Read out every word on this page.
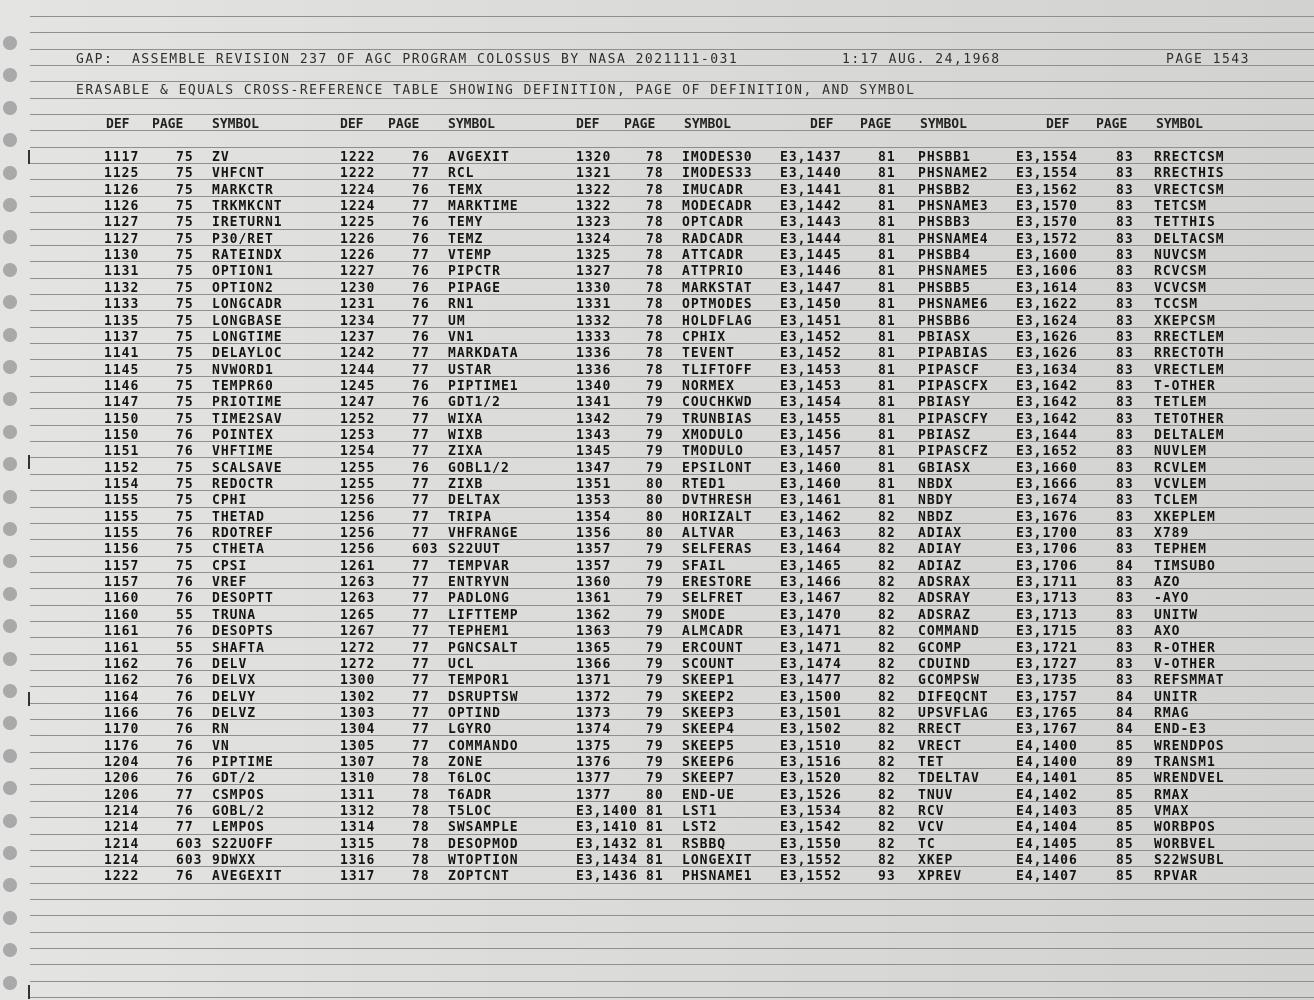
GAP:  ASSEMBLE REVISION 237 OF AGC PROGRAM COLOSSUS BY NASA 2021111-031	1:17 AUG. 24,1968	PAGE 1543
ERASABLE & EQUALS CROSS-REFERENCE TABLE SHOWING DEFINITION, PAGE OF DEFINITION, AND SYMBOL
DEF PAGE SYMBOL	DEF PAGE SYMBOL	DEF PAGE SYMBOL	DEF PAGE SYMBOL	DEF PAGE SYMBOL
1117	75 ZV	1222	76 AVGEXIT	1320	78 IMODES30 E3,1437	81 PHSBB1	E3,1554	83 RRECTCSM
1125	75 VHFCNT	1222	77 RCL	1321	78 IMODES33 E3,1440	81 PHSNAME2 E3,1554	83 RRECTHIS
1126	75 MARKCTR	1224	76 TEMX	1322	78 IMUCADR	E3,1441	81 PHSBB2	E3,1562	83 VRECTCSM
1126	75 TRKMKCNT	1224	77 MARKTIME	1322	78 MODECADR E3,1442	81 PHSNAME3 E3,1570	83 TETCSM
1127	75 IRETURN1	1225	76 TEMY	1323	78 OPTCADR	E3,1443	81 PHSBB3	E3,1570	83 TETTHIS
1127	75 P30/RET	1226	76 TEMZ	1324	78 RADCADR	E3,1444	81 PHSNAME4 E3,1572	83 DELTACSM
1130	75 RATEINDX	1226	77 VTEMP	1325	78 ATTCADR	E3,1445	81 PHSBB4	E3,1600	83 NUVCSM
1131	75 OPTION1	1227	76 PIPCTR	1327	78 ATTPRIO	E3,1446	81 PHSNAME5 E3,1606	83 RCVCSM
1132	75 OPTION2	1230	76 PIPAGE	1330	78 MARKSTAT E3,1447	81 PHSBB5	E3,1614	83 VCVCSM
1133	75 LONGCADR	1231	76 RN1	1331	78 OPTMODES E3,1450	81 PHSNAME6 E3,1622	83 TCCSM
1135	75 LONGBASE	1234	77 UM	1332	78 HOLDFLAG E3,1451	81 PHSBB6	E3,1624	83 XKEPCSM
1137	75 LONGTIME	1237	76 VN1	1333	78 CPHIX	E3,1452	81 PBIASX	E3,1626	83 RRECTLEM
1141	75 DELAYLOC	1242	77 MARKDATA	1336	78 TEVENT	E3,1452	81 PIPABIAS E3,1626	83 RRECTOTH
1145	75 NVWORD1	1244	77 USTAR	1336	78 TLIFTOFF E3,1453	81 PIPASCF	E3,1634	83 VRECTLEM
1146	75 TEMPR60	1245	76 PIPTIME1	1340	79 NORMEX	E3,1453	81 PIPASCFX E3,1642	83 T-OTHER
1147	75 PRIOTIME	1247	76 GDT1/2	1341	79 COUCHKWD E3,1454	81 PBIASY	E3,1642	83 TETLEM
1150	75 TIME2SAV	1252	77 WIXA	1342	79 TRUNBIAS E3,1455	81 PIPASCFY E3,1642	83 TETOTHER
1150	76 POINTEX	1253	77 WIXB	1343	79 XMODULO	E3,1456	81 PBIASZ	E3,1644	83 DELTALEM
1151	76 VHFTIME	1254	77 ZIXA	1345	79 TMODULO	E3,1457	81 PIPASCFZ E3,1652	83 NUVLEM
1152	75 SCALSAVE	1255	76 GOBL1/2	1347	79 EPSILONT E3,1460	81 GBIASX	E3,1660	83 RCVLEM
1154	75 REDOCTR	1255	77 ZIXB	1351	80 RTED1	E3,1460	81 NBDX	E3,1666	83 VCVLEM
1155	75 CPHI	1256	77 DELTAX	1353	80 DVTHRESH E3,1461	81 NBDY	E3,1674	83 TCLEM
1155	75 THETAD	1256	77 TRIPA	1354	80 HORIZALT E3,1462	82 NBDZ	E3,1676	83 XKEPLEM
1155	76 RDOTREF	1256	77 VHFRANGE	1356	80 ALTVAR	E3,1463	82 ADIAX	E3,1700	83 X789
1156	75 CTHETA	1256	603 S22UUT	1357	79 SELFERAS E3,1464	82 ADIAY	E3,1706	83 TEPHEM
1157	75 CPSI	1261	77 TEMPVAR	1357	79 SFAIL	E3,1465	82 ADIAZ	E3,1706	84 TIMSUBO
1157	76 VREF	1263	77 ENTRYVN	1360	79 ERESTORE E3,1466	82 ADSRAX	E3,1711	83 AZO
1160	76 DESOPTT	1263	77 PADLONG	1361	79 SELFRET	E3,1467	82 ADSRAY	E3,1713	83 -AYO
1160	55 TRUNA	1265	77 LIFTTEMP	1362	79 SMODE	E3,1470	82 ADSRAZ	E3,1713	83 UNITW
1161	76 DESOPTS	1267	77 TEPHEM1	1363	79 ALMCADR	E3,1471	82 COMMAND	E3,1715	83 AXO
1161	55 SHAFTA	1272	77 PGNCSALT	1365	79 ERCOUNT	E3,1471	82 GCOMP	E3,1721	83 R-OTHER
1162	76 DELV	1272	77 UCL	1366	79 SCOUNT	E3,1474	82 CDUIND	E3,1727	83 V-OTHER
1162	76 DELVX	1300	77 TEMPOR1	1371	79 SKEEP1	E3,1477	82 GCOMPSW	E3,1735	83 REFSMMAT
1164	76 DELVY	1302	77 DSRUPTSW	1372	79 SKEEP2	E3,1500	82 DIFEQCNT E3,1757	84 UNITR
1166	76 DELVZ	1303	77 OPTIND	1373	79 SKEEP3	E3,1501	82 UPSVFLAG E3,1765	84 RMAG
1170	76 RN	1304	77 LGYRO	1374	79 SKEEP4	E3,1502	82 RRECT	E3,1767	84 END-E3
1176	76 VN	1305	77 COMMANDO	1375	79 SKEEP5	E3,1510	82 VRECT	E4,1400	85 WRENDPOS
1204	76 PIPTIME	1307	78 ZONE	1376	79 SKEEP6	E3,1516	82 TET	E4,1400	89 TRANSM1
1206	76 GDT/2	1310	78 T6LOC	1377	79 SKEEP7	E3,1520	82 TDELTAV	E4,1401	85 WRENDVEL
1206	77 CSMPOS	1311	78 T6ADR	1377	80 END-UE	E3,1526	82 TNUV	E4,1402	85 RMAX
1214	76 GOBL/2	1312	78 T5LOC	E3,1400 81 LST1	E3,1534	82 RCV	E4,1403	85 VMAX
1214	77 LEMPOS	1314	78 SWSAMPLE	E3,1410 81 LST2	E3,1542	82 VCV	E4,1404	85 WORBPOS
1214	603 S22UOFF	1315	78 DESOPMOD	E3,1432 81 RSBBQ	E3,1550	82 TC	E4,1405	85 WORBVEL
1214	603 9DWXX	1316	78 WTOPTION	E3,1434 81 LONGEXIT E3,1552	82 XKEP	E4,1406	85 S22WSUBL
1222	76 AVEGEXIT	1317	78 ZOPTCNT	E3,1436 81 PHSNAME1 E3,1552	93 XPREV	E4,1407	85 RPVAR
